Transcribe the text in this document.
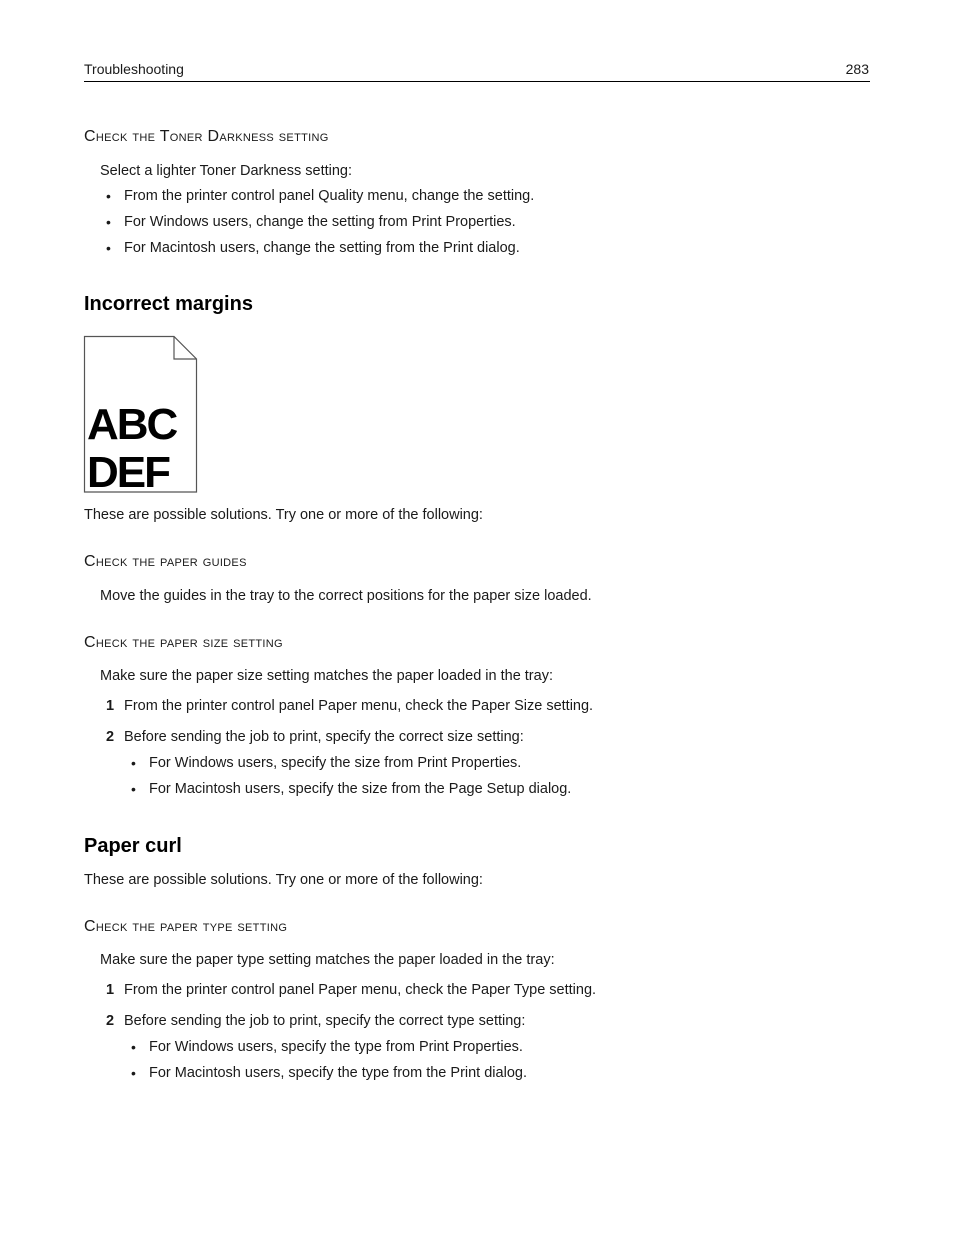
Troubleshooting	283
Check the Toner Darkness setting
Select a lighter Toner Darkness setting:
• From the printer control panel Quality menu, change the setting.
• For Windows users, change the setting from Print Properties.
• For Macintosh users, change the setting from the Print dialog.
Incorrect margins
ABC
DEF
These are possible solutions. Try one or more of the following:
Check the paper guides
Move the guides in the tray to the correct positions for the paper size loaded.
Check the paper size setting
Make sure the paper size setting matches the paper loaded in the tray:
1 From the printer control panel Paper menu, check the Paper Size setting.
2 Before sending the job to print, specify the correct size setting:
• For Windows users, specify the size from Print Properties.
• For Macintosh users, specify the size from the Page Setup dialog.
Paper curl
These are possible solutions. Try one or more of the following:
Check the paper type setting
Make sure the paper type setting matches the paper loaded in the tray:
1 From the printer control panel Paper menu, check the Paper Type setting.
2 Before sending the job to print, specify the correct type setting:
• For Windows users, specify the type from Print Properties.
• For Macintosh users, specify the type from the Print dialog.
